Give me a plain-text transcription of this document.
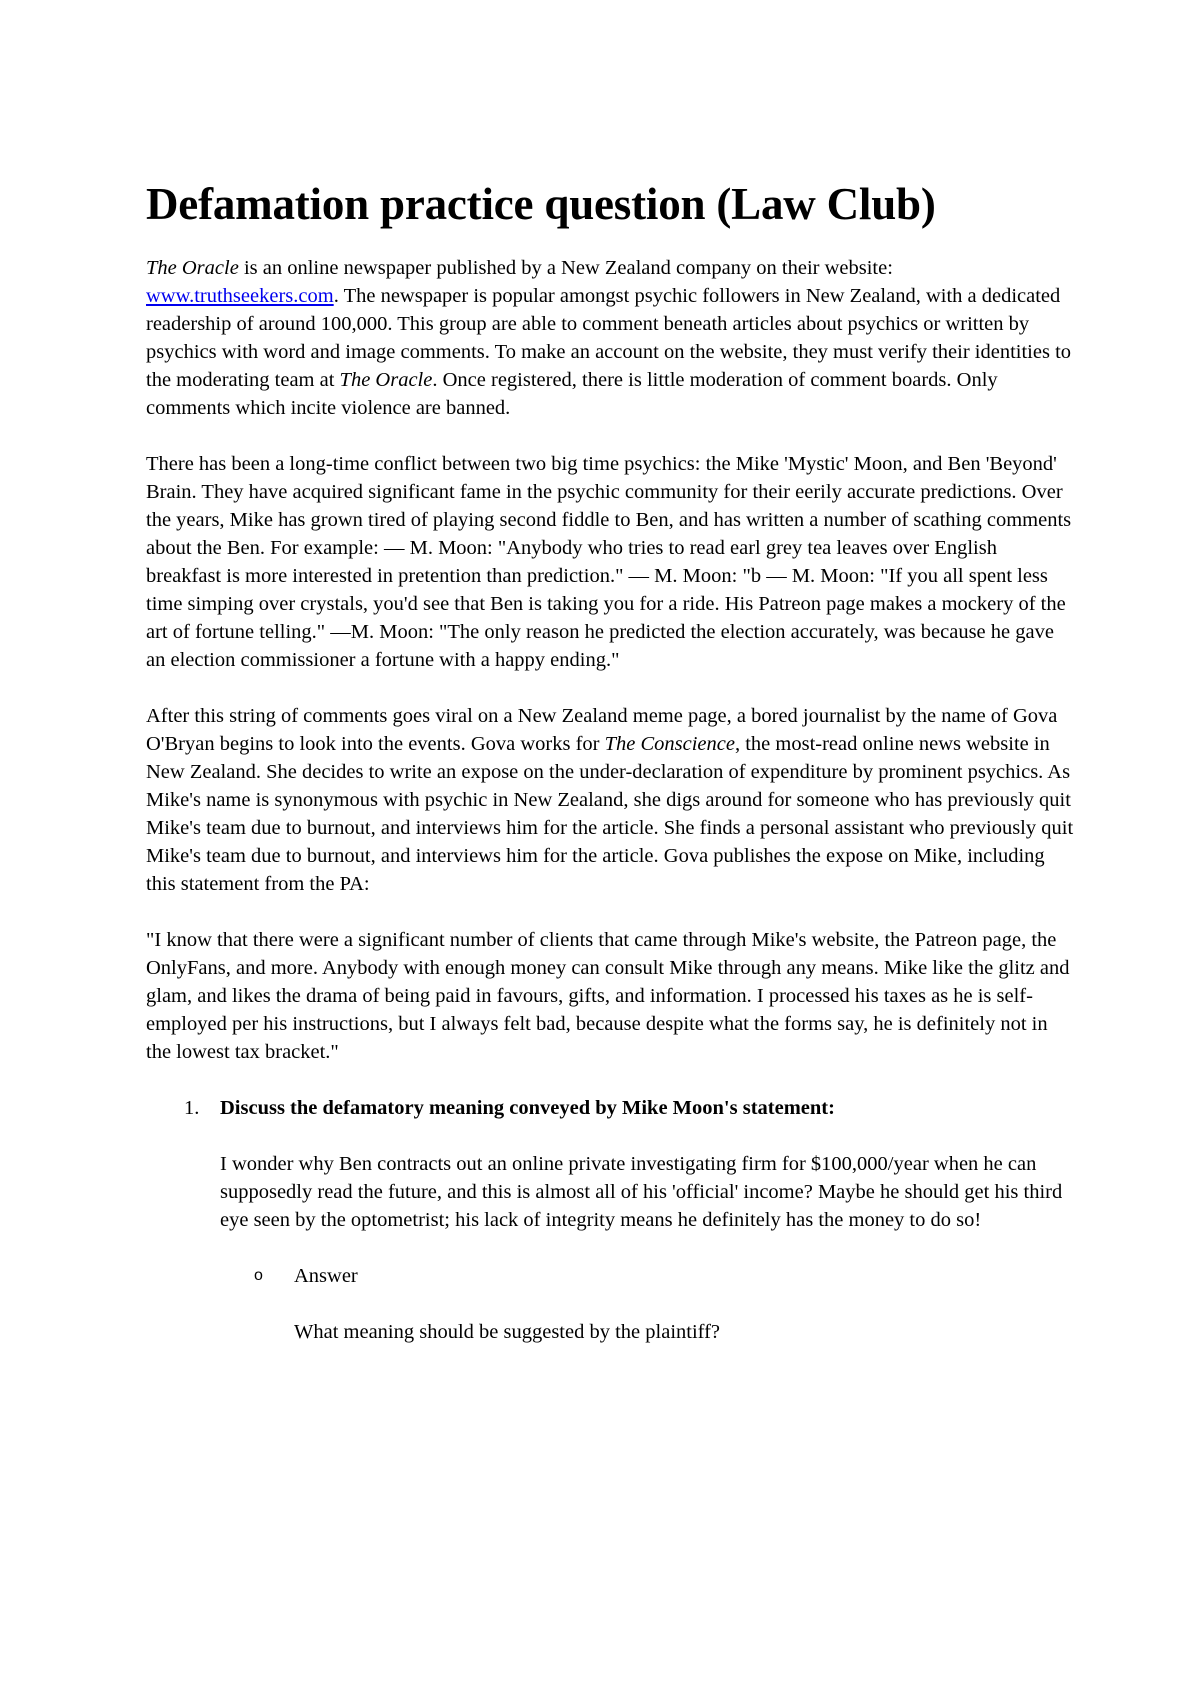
Defamation practice question (Law Club)

The Oracle is an online newspaper published by a New Zealand company on their website: www.truthseekers.com. The newspaper is popular amongst psychic followers in New Zealand, with a dedicated readership of around 100,000. This group are able to comment beneath articles about psychics or written by psychics with word and image comments. To make an account on the website, they must verify their identities to the moderating team at The Oracle. Once registered, there is little moderation of comment boards. Only comments which incite violence are banned.

There has been a long-time conflict between two big time psychics: the Mike 'Mystic' Moon, and Ben 'Beyond' Brain. They have acquired significant fame in the psychic community for their eerily accurate predictions. Over the years, Mike has grown tired of playing second fiddle to Ben, and has written a number of scathing comments about the Ben. For example: — M. Moon: "Anybody who tries to read earl grey tea leaves over English breakfast is more interested in pretention than prediction." — M. Moon: "b — M. Moon: "If you all spent less time simping over crystals, you'd see that Ben is taking you for a ride. His Patreon page makes a mockery of the art of fortune telling." —M. Moon: "The only reason he predicted the election accurately, was because he gave an election commissioner a fortune with a happy ending."

After this string of comments goes viral on a New Zealand meme page, a bored journalist by the name of Gova O'Bryan begins to look into the events. Gova works for The Conscience, the most-read online news website in New Zealand. She decides to write an expose on the under-declaration of expenditure by prominent psychics. As Mike's name is synonymous with psychic in New Zealand, she digs around for someone who has previously quit Mike's team due to burnout, and interviews him for the article. She finds a personal assistant who previously quit Mike's team due to burnout, and interviews him for the article. Gova publishes the expose on Mike, including this statement from the PA:

"I know that there were a significant number of clients that came through Mike's website, the Patreon page, the OnlyFans, and more. Anybody with enough money can consult Mike through any means. Mike like the glitz and glam, and likes the drama of being paid in favours, gifts, and information. I processed his taxes as he is self-employed per his instructions, but I always felt bad, because despite what the forms say, he is definitely not in the lowest tax bracket."

1. Discuss the defamatory meaning conveyed by Mike Moon's statement:

I wonder why Ben contracts out an online private investigating firm for $100,000/year when he can supposedly read the future, and this is almost all of his 'official' income? Maybe he should get his third eye seen by the optometrist; his lack of integrity means he definitely has the money to do so!

o Answer

What meaning should be suggested by the plaintiff?
